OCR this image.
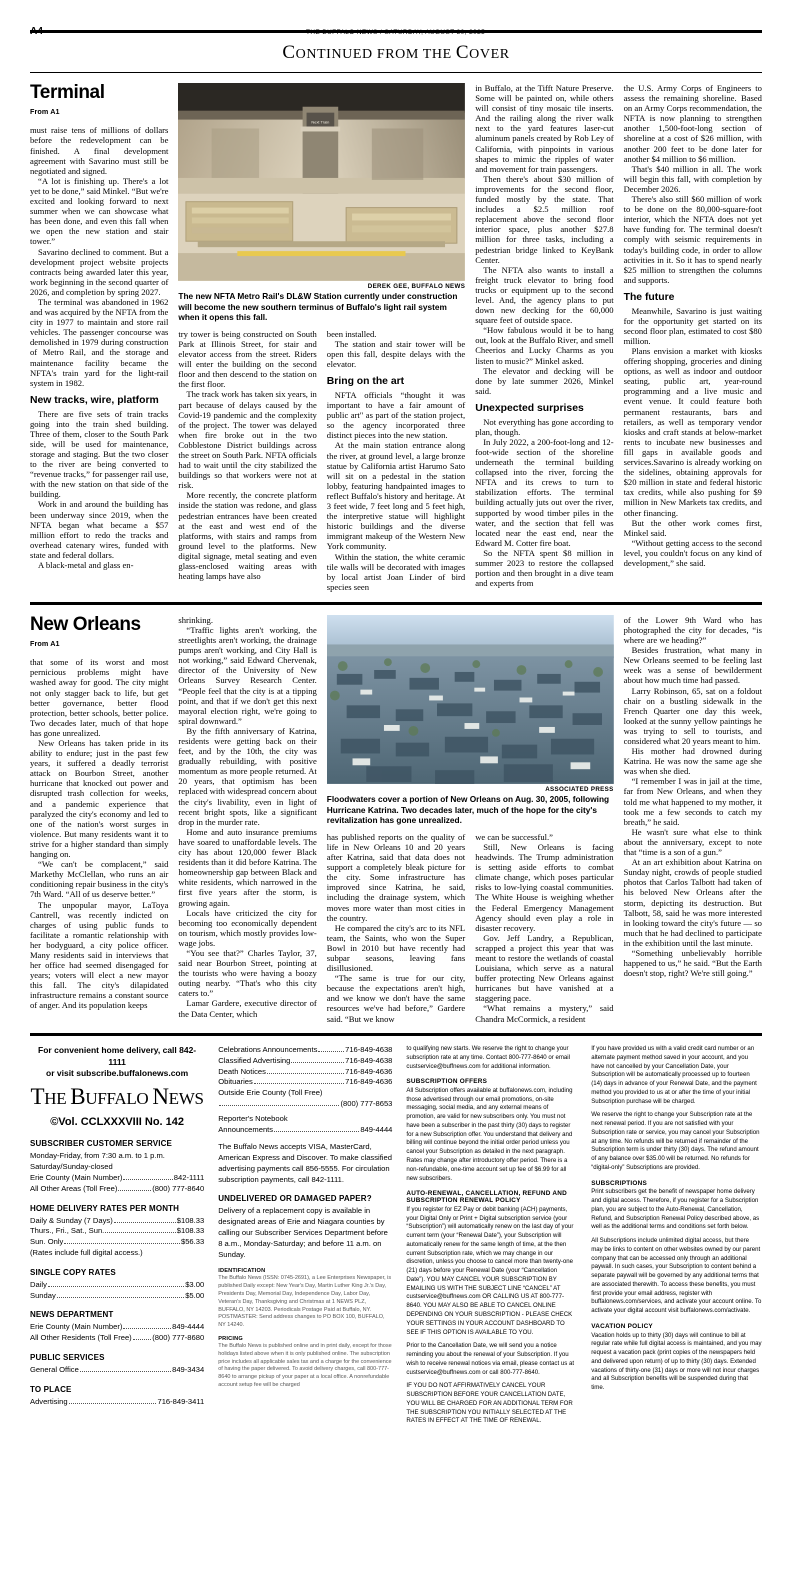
A4	THE BUFFALO NEWS / SATURDAY, AUGUST 30, 2025
CONTINUED FROM THE COVER
Terminal
From A1

must raise tens of millions of dollars before the redevelopment can be finished. A final development agreement with Savarino must still be negotiated and signed.

“A lot is finishing up. There's a lot yet to be done,” said Minkel. “But we're excited and looking forward to next summer when we can showcase what has been done, and even this fall when we open the new station and stair tower.”

Savarino declined to comment. But a development project website projects contracts being awarded later this year, work beginning in the second quarter of 2026, and completion by spring 2027.

The terminal was abandoned in 1962 and was acquired by the NFTA from the city in 1977 to maintain and store rail vehicles. The passenger concourse was demolished in 1979 during construction of Metro Rail, and the storage and maintenance facility became the NFTA's train yard for the light-rail system in 1982.

New tracks, wire, platform

There are five sets of train tracks going into the train shed building. Three of them, closer to the South Park side, will be used for maintenance, storage and staging. But the two closer to the river are being converted to “revenue tracks,” for passenger rail use, with the new station on that side of the building.

Work in and around the building has been underway since 2019, when the NFTA began what became a $57 million effort to redo the tracks and overhead catenary wires, funded with state and federal dollars.

A black-metal and glass en-

Next Train
DEREK GEE, BUFFALO NEWS
The new NFTA Metro Rail's DL&W Station currently under construction will become the new southern terminus of Buffalo's light rail system when it opens this fall.

try tower is being constructed on South Park at Illinois Street, for stair and elevator access from the street. Riders will enter the building on the second floor and then descend to the station on the first floor.

The track work has taken six years, in part because of delays caused by the Covid-19 pandemic and the complexity of the project. The tower was delayed when fire broke out in the two Cobblestone District buildings across the street on South Park. NFTA officials had to wait until the city stabilized the buildings so that workers were not at risk.

More recently, the concrete platform inside the station was redone, and glass pedestrian entrances have been created at the east and west end of the platforms, with stairs and ramps from ground level to the platforms. New digital signage, metal seating and even glass-enclosed waiting areas with heating lamps have also

been installed.

The station and stair tower will be open this fall, despite delays with the elevator.

Bring on the art

NFTA officials “thought it was important to have a fair amount of public art" as part of the station project, so the agency incorporated three distinct pieces into the new station.

At the main station entrance along the river, at ground level, a large bronze statue by California artist Harumo Sato will sit on a pedestal in the station lobby, featuring handpainted images to reflect Buffalo's history and heritage. At 3 feet wide, 7 feet long and 5 feet high, the interpretive statue will highlight historic buildings and the diverse immigrant makeup of the Western New York community.

Within the station, the white ceramic tile walls will be decorated with images by local artist Joan Linder of bird species seen

in Buffalo, at the Tifft Nature Preserve. Some will be painted on, while others will consist of tiny mosaic tile inserts. And the railing along the river walk next to the yard features laser-cut aluminum panels created by Rob Ley of California, with pinpoints in various shapes to mimic the ripples of water and movement for train passengers.

Then there's about $30 million of improvements for the second floor, funded mostly by the state. That includes a $2.5 million roof replacement above the second floor interior space, plus another $27.8 million for three tasks, including a pedestrian bridge linked to KeyBank Center.

The NFTA also wants to install a freight truck elevator to bring food trucks or equipment up to the second level. And, the agency plans to put down new decking for the 60,000 square feet of outside space.

“How fabulous would it be to hang out, look at the Buffalo River, and smell Cheerios and Lucky Charms as you listen to music?” Minkel asked.

The elevator and decking will be done by late summer 2026, Minkel said.

Unexpected surprises

Not everything has gone according to plan, though.

In July 2022, a 200-foot-long and 12-foot-wide section of the shoreline underneath the terminal building collapsed into the river, forcing the NFTA and its crews to turn to stabilization efforts. The terminal building actually juts out over the river, supported by wood timber piles in the water, and the section that fell was located near the east end, near the Edward M. Cotter fire boat.

So the NFTA spent $8 million in summer 2023 to restore the collapsed portion and then brought in a dive team and experts from

the U.S. Army Corps of Engineers to assess the remaining shoreline. Based on an Army Corps recommendation, the NFTA is now planning to strengthen another 1,500-foot-long section of shoreline at a cost of $26 million, with another 200 feet to be done later for another $4 million to $6 million.

That's $40 million in all. The work will begin this fall, with completion by December 2026.

There's also still $60 million of work to be done on the 80,000-square-foot interior, which the NFTA does not yet have funding for. The terminal doesn't comply with seismic requirements in today's building code, in order to allow activities in it. So it has to spend nearly $25 million to strengthen the columns and supports.

The future

Meanwhile, Savarino is just waiting for the opportunity get started on its second floor plan, estimated to cost $80 million.

Plans envision a market with kiosks offering shopping, groceries and dining options, as well as indoor and outdoor seating, public art, year-round programming and a live music and event venue. It could feature both permanent restaurants, bars and retailers, as well as temporary vendor kiosks and craft stands at below-market rents to incubate new businesses and fill gaps in available goods and services.Savarino is already working on the sidelines, obtaining approvals for $20 million in state and federal historic tax credits, while also pushing for $9 million in New Markets tax credits, and other financing.

But the other work comes first, Minkel said.

“Without getting access to the second level, you couldn't focus on any kind of development,” she said.

New Orleans
From A1

that some of its worst and most pernicious problems might have washed away for good. The city might not only stagger back to life, but get better governance, better flood protection, better schools, better police. Two decades later, much of that hope has gone unrealized.

New Orleans has taken pride in its ability to endure; just in the past few years, it suffered a deadly terrorist attack on Bourbon Street, another hurricane that knocked out power and disrupted trash collection for weeks, and a pandemic experience that paralyzed the city's economy and led to one of the nation's worst surges in violence. But many residents want it to strive for a higher standard than simply hanging on.

“We can't be complacent,” said Markethy McClellan, who runs an air conditioning repair business in the city's 7th Ward. “All of us deserve better.”

The unpopular mayor, LaToya Cantrell, was recently indicted on charges of using public funds to facilitate a romantic relationship with her bodyguard, a city police officer. Many residents said in interviews that her office had seemed disengaged for years; voters will elect a new mayor this fall. The city's dilapidated infrastructure remains a constant source of anger. And its population keeps

shrinking.

“Traffic lights aren't working, the streetlights aren't working, the drainage pumps aren't working, and City Hall is not working,” said Edward Chervenak, director of the University of New Orleans Survey Research Center. “People feel that the city is at a tipping point, and that if we don't get this next mayoral election right, we're going to spiral downward.”

By the fifth anniversary of Katrina, residents were getting back on their feet, and by the 10th, the city was gradually rebuilding, with positive momentum as more people returned. At 20 years, that optimism has been replaced with widespread concern about the city's livability, even in light of recent bright spots, like a significant drop in the murder rate.

Home and auto insurance premiums have soared to unaffordable levels. The city has about 120,000 fewer Black residents than it did before Katrina. The homeownership gap between Black and white residents, which narrowed in the first five years after the storm, is growing again.

Locals have criticized the city for becoming too economically dependent on tourism, which mostly provides low-wage jobs.

“You see that?” Charles Taylor, 37, said near Bourbon Street, pointing at the tourists who were having a boozy outing nearby. “That's who this city caters to.”

Lamar Gardere, executive director of the Data Center, which

ASSOCIATED PRESS
Floodwaters cover a portion of New Orleans on Aug. 30, 2005, following Hurricane Katrina. Two decades later, much of the hope for the city's revitalization has gone unrealized.

has published reports on the quality of life in New Orleans 10 and 20 years after Katrina, said that data does not support a completely bleak picture for the city. Some infrastructure has improved since Katrina, he said, including the drainage system, which moves more water than most cities in the country.

He compared the city's arc to its NFL team, the Saints, who won the Super Bowl in 2010 but have recently had subpar seasons, leaving fans disillusioned.

“The same is true for our city, because the expectations aren't high, and we know we don't have the same resources we've had before,” Gardere said. “But we know

we can be successful.”

Still, New Orleans is facing headwinds. The Trump administration is setting aside efforts to combat climate change, which poses particular risks to low-lying coastal communities. The White House is weighing whether the Federal Emergency Management Agency should even play a role in disaster recovery.

Gov. Jeff Landry, a Republican, scrapped a project this year that was meant to restore the wetlands of coastal Louisiana, which serve as a natural buffer protecting New Orleans against hurricanes but have vanished at a staggering pace.

“What remains a mystery,” said Chandra McCormick, a resident

of the Lower 9th Ward who has photographed the city for decades, “is where are we heading?”

Besides frustration, what many in New Orleans seemed to be feeling last week was a sense of bewilderment about how much time had passed.

Larry Robinson, 65, sat on a foldout chair on a bustling sidewalk in the French Quarter one day this week, looked at the sunny yellow paintings he was trying to sell to tourists, and considered what 20 years meant to him.

His mother had drowned during Katrina. He was now the same age she was when she died.

“I remember I was in jail at the time, far from New Orleans, and when they told me what happened to my mother, it took me a few seconds to catch my breath,” he said.

He wasn't sure what else to think about the anniversary, except to note that “time is a son of a gun.”

At an art exhibition about Katrina on Sunday night, crowds of people studied photos that Carlos Talbott had taken of his beloved New Orleans after the storm, depicting its destruction. But Talbott, 58, said he was more interested in looking toward the city's future — so much that he had declined to participate in the exhibition until the last minute.

“Something unbelievably horrible happened to us,” he said. “But the Earth doesn't stop, right? We're still going.”

For convenient home delivery, call 842-1111
or visit subscribe.buffalonews.com
THE BUFFALO NEWS
©Vol. CCLXXXVIII No. 142
SUBSCRIBER CUSTOMER SERVICE
Monday-Friday, from 7:30 a.m. to 1 p.m.
Saturday/Sunday-closed
Erie County (Main Number)	842-1111
All Other Areas (Toll Free)	(800) 777-8640
HOME DELIVERY RATES PER MONTH
Daily & Sunday (7 Days)	$108.33
Thurs., Fri., Sat., Sun.	$108.33
Sun. Only	$56.33
(Rates include full digital access.)
SINGLE COPY RATES
Daily	$3.00
Sunday	$5.00
NEWS DEPARTMENT
Erie County (Main Number)	849-4444
All Other Residents (Toll Free)	(800) 777-8680
PUBLIC SERVICES
General Office	849-3434
TO PLACE
Advertising	716-849-3411
Celebrations Announcements	716-849-4638
Classified Advertising	716-849-4638
Death Notices	716-849-4636
Obituaries	716-849-4636
Outside Erie County (Toll Free)
(800) 777-8653
Reporter's Notebook
Announcements	849-4444
The Buffalo News accepts VISA, MasterCard, American Express and Discover. To make classified advertising payments call 856-5555. For circulation subscription payments, call 842-1111.
UNDELIVERED OR DAMAGED PAPER?
Delivery of a replacement copy is available in designated areas of Erie and Niagara counties by calling our Subscriber Services Department before 8 a.m., Monday-Saturday; and before 11 a.m. on Sunday.
IDENTIFICATION
The Buffalo News (ISSN: 0745-2691), a Lee Enterprises Newspaper, is published Daily except: New Year's Day, Martin Luther King Jr.'s Day, Presidents Day, Memorial Day, Independence Day, Labor Day, Veteran's Day, Thanksgiving and Christmas at 1 NEWS PLZ, BUFFALO, NY 14203. Periodicals Postage Paid at Buffalo, NY. POSTMASTER: Send address changes to PO BOX 100, BUFFALO, NY 14240.
PRICING
The Buffalo News is published online and in print daily, except for those holidays listed above when it is only published online. The subscription price includes all applicable sales tax and a charge for the convenience of having the paper delivered. To avoid delivery charges, call 800-777-8640 to arrange pickup of your paper at a local office. A nonrefundable account setup fee will be charged
to qualifying new starts. We reserve the right to change your subscription rate at any time. Contact 800-777-8640 or email custservice@buffnews.com for additional information.
SUBSCRIPTION OFFERS
All Subscription offers available at buffalonews.com, including those advertised through our email promotions, on-site messaging, social media, and any external means of promotion, are valid for new subscribers only. You must not have been a subscriber in the past thirty (30) days to register for a new Subscription offer. You understand that delivery and billing will continue beyond the initial order period unless you cancel your Subscription as detailed in the next paragraph. Rates may change after introductory offer period. There is a non-refundable, one-time account set up fee of $6.99 for all new subscribers.
AUTO-RENEWAL, CANCELLATION, REFUND AND SUBSCRIPTION RENEWAL POLICY
If you register for EZ Pay or debit banking (ACH) payments, your Digital Only or Print + Digital subscription service (your “Subscription”) will automatically renew on the last day of your current term (your “Renewal Date”), your Subscription will automatically renew for the same length of time, at the then current Subscription rate, which we may change in our discretion, unless you choose to cancel more than twenty-one (21) days before your Renewal Date (your “Cancellation Date”). YOU MAY CANCEL YOUR SUBSCRIPTION BY EMAILING US WITH THE SUBJECT LINE “CANCEL” AT custservice@buffnews.com OR CALLING US AT 800-777-8640. YOU MAY ALSO BE ABLE TO CANCEL ONLINE DEPENDING ON YOUR SUBSCRIPTION - PLEASE CHECK YOUR SETTINGS IN YOUR ACCOUNT DASHBOARD TO SEE IF THIS OPTION IS AVAILABLE TO YOU.
Prior to the Cancellation Date, we will send you a notice reminding you about the renewal of your Subscription. If you wish to receive renewal notices via email, please contact us at custservice@buffnews.com or call 800-777-8640.
IF YOU DO NOT AFFIRMATIVELY CANCEL YOUR SUBSCRIPTION BEFORE YOUR CANCELLATION DATE, YOU WILL BE CHARGED FOR AN ADDITIONAL TERM FOR THE SUBSCRIPTION YOU INITIALLY SELECTED AT THE RATES IN EFFECT AT THE TIME OF RENEWAL.
If you have provided us with a valid credit card number or an alternate payment method saved in your account, and you have not cancelled by your Cancellation Date, your Subscription will be automatically processed up to fourteen (14) days in advance of your Renewal Date, and the payment method you provided to us at or after the time of your initial Subscription purchase will be charged.
We reserve the right to change your Subscription rate at the next renewal period. If you are not satisfied with your Subscription rate or service, you may cancel your Subscription at any time. No refunds will be returned if remainder of the Subscription term is under thirty (30) days. The refund amount of any balance over $35.00 will be returned. No refunds for “digital-only” Subscriptions are provided.
SUBSCRIPTIONS
Print subscribers get the benefit of newspaper home delivery and digital access. Therefore, if you register for a Subscription plan, you are subject to the Auto-Renewal, Cancellation, Refund, and Subscription Renewal Policy described above, as well as the additional terms and conditions set forth below.
All Subscriptions include unlimited digital access, but there may be links to content on other websites owned by our parent company that can be accessed only through an additional paywall. In such cases, your Subscription to content behind a separate paywall will be governed by any additional terms that are associated therewith. To access these benefits, you must first provide your email address, register with buffalonews.com/services, and activate your account online. To activate your digital account visit buffalonews.com/activate.
VACATION POLICY
Vacation holds up to thirty (30) days will continue to bill at regular rate while full digital access is maintained, and you may request a vacation pack (print copies of the newspapers held and delivered upon return) of up to thirty (30) days. Extended vacations of thirty-one (31) days or more will not incur charges and all Subscription benefits will be suspended during that time.
